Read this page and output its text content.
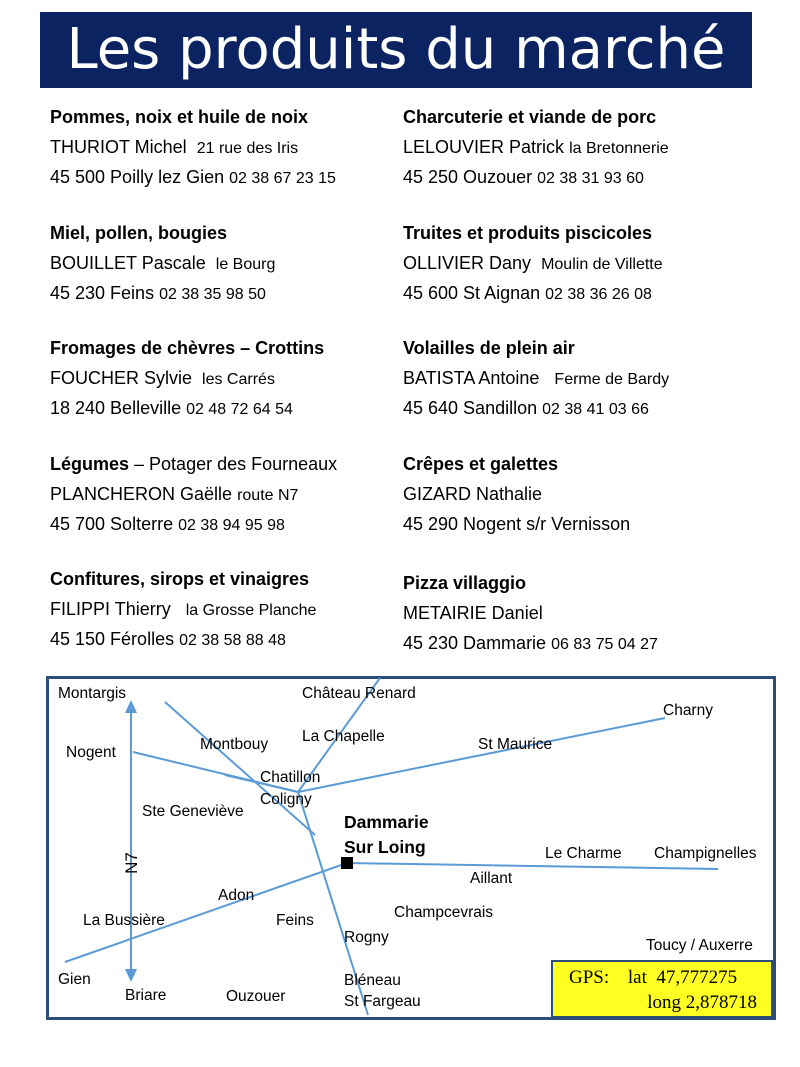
Les produits du marché
Pommes, noix et huile de noix
THURIOT Michel 21 rue des Iris
45 500 Poilly lez Gien 02 38 67 23 15
Miel, pollen, bougies
BOUILLET Pascale le Bourg
45 230 Feins 02 38 35 98 50
Fromages de chèvres – Crottins
FOUCHER Sylvie les Carrés
18 240 Belleville 02 48 72 64 54
Légumes – Potager des Fourneaux
PLANCHERON Gaëlle route N7
45 700 Solterre 02 38 94 95 98
Confitures, sirops et vinaigres
FILIPPI Thierry la Grosse Planche
45 150 Férolles 02 38 58 88 48
Charcuterie et viande de porc
LELOUVIER Patrick la Bretonnerie
45 250 Ouzouer 02 38 31 93 60
Truites et produits piscicoles
OLLIVIER Dany Moulin de Villette
45 600 St Aignan 02 38 36 26 08
Volailles de plein air
BATISTA Antoine Ferme de Bardy
45 640 Sandillon 02 38 41 03 66
Crêpes et galettes
GIZARD Nathalie
45 290 Nogent s/r Vernisson
Pizza villaggio
METAIRIE Daniel
45 230 Dammarie 06 83 75 04 27
Montargis	Château Renard
Charny
Nogent	Montbouy La Chapelle	St Maurice
Chatillon
Coligny
Ste Geneviève
Dammarie
Sur Loing	Le Charme Champignelles
Aillant
N7
Adon
La Bussière	Feins	Champcevrais
Rogny	Toucy / Auxerre
Gien
Briare	Ouzouer
Bléneau
St Fargeau
GPS: lat 47,777275
long 2,878718
